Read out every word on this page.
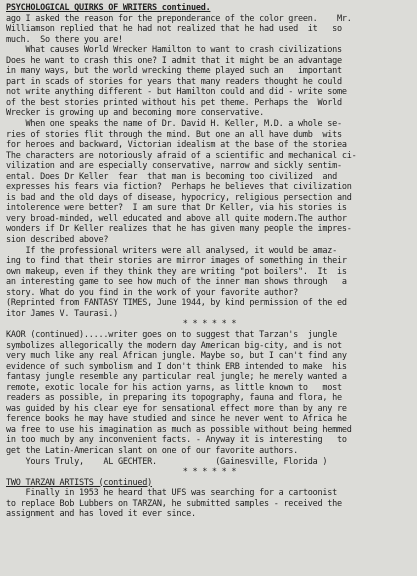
PSYCHOLOGICAL QUIRKS OF WRITERS continued.
ago I asked the reason for the preponderance of the color green.    Mr.
Williamson replied that he had not realized that he had used  it   so
much.  So there you are!
What causes World Wrecker Hamilton to want to crash civilizations
Does he want to crash this one? I admit that it might be an advantage
in many ways, but the world wrecking theme played such an   important
part in scads of stories for years that many readers thought he could
not write anything different - but Hamilton could and did - write some
of the best stories printed without his pet theme. Perhaps the  World
Wrecker is growing up and becoming more conservative.
When one speaks the name of Dr. David H. Keller, M.D. a whole se-
ries of stories flit through the mind. But one an all have dumb  wits
for heroes and backward, Victorian idealism at the base of the storiea
The characters are notoriously afraid of a scientific and mechanical ci-
vilization and are especially conservative, narrow and sickly sentim-
ental. Does Dr Keller  fear  that man is becoming too civilized  and
expresses his fears via fiction?  Perhaps he believes that civilization
is bad and the old days of disease, hypocricy, religious persection and
intolerence were better?  I am sure that Dr Keller, via his stories is
very broad-minded, well educated and above all quite modern.The author
wonders if Dr Keller realizes that he has given many people the impres-
sion described above?
If the professional writers were all analysed, it would be amaz-
ing to find that their stories are mirror images of something in their
own makeup, even if they think they are writing "pot boilers".  It  is
an interesting game to see how much of the inner man shows through   a
story. What do you find in the work of your favorite author?
(Reprinted from FANTASY TIMES, June 1944, by kind permission of the ed
itor James V. Taurasi.)
* * * * * *
KAOR (continued).....writer goes on to suggest that Tarzan's  jungle
symbolizes allegorically the modern day American big-city, and is not
very much like any real African jungle. Maybe so, but I can't find any
evidence of such symbolism and I don't think ERB intended to make  his
fantasy jungle resemble any particular real jungle; he merely wanted a
remote, exotic locale for his action yarns, as little known to   most
readers as possible, in preparing its topography, fauna and flora, he
was guided by his clear eye for sensational effect more than by any re
ference books he may have studied and since he never went to Africa he
wa free to use his imagination as much as possible without being hemmed
in too much by any inconvenient facts. - Anyway it is interesting   to
get the Latin-American slant on one of our favorite authors.
Yours Truly,    AL GECHTER.            (Gainesville, Florida )
* * * * * *
TWO TARZAN ARTISTS (continued)
Finally in 1953 he heard that UFS was searching for a cartoonist
to replace Bob Lubbers on TARZAN, he submitted samples - received the
assignment and has loved it ever since.
